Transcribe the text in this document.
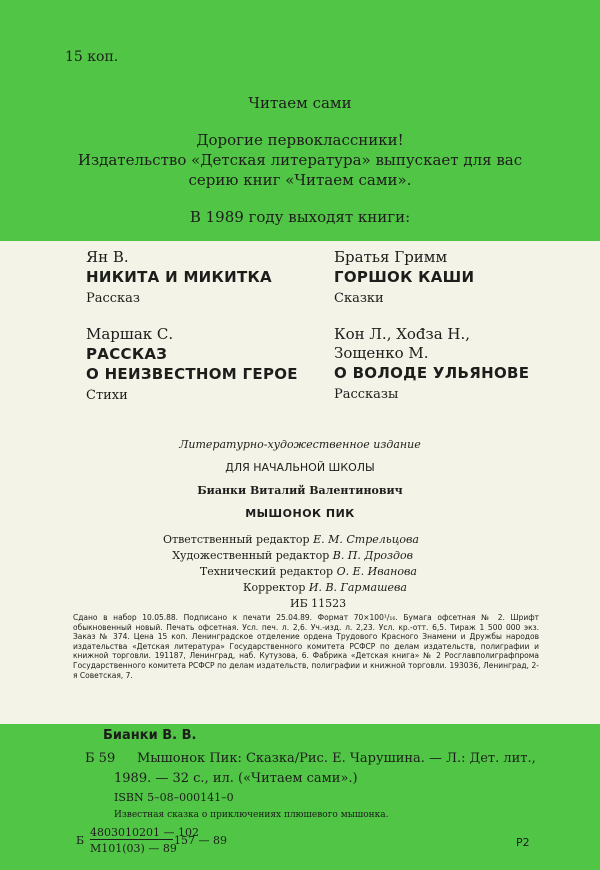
15 коп.
Читаем сами
Дорогие первоклассники!
Издательство «Детская литература» выпускает для вас
серию книг «Читаем сами».
В 1989 году выходят книги:
Ян В.
НИКИТА И МИКИТКА
Рассказ
Братья Гримм
ГОРШОК КАШИ
Сказки
Маршак С.
РАССКАЗ
О НЕИЗВЕСТНОМ ГЕРОЕ
Стихи
Кон Л., Хоđза Н.,
Зощенко М.
О ВОЛОДЕ УЛЬЯНОВЕ
Рассказы
Литературно-художественное издание
ДЛЯ НАЧАЛЬНОЙ ШКОЛЫ
Бианки Виталий Валентинович
МЫШОНОК ПИК
Ответственный редактор Е. М. Стрельцова
Художественный редактор В. П. Дроздов
Технический редактор О. Е. Иванова
Корректор И. В. Гармашева
ИБ 11523
Сдано в набор 10.05.88. Подписано к печати 25.04.89. Формат 70×100¹/₁₆. Бумага офсетная № 2. Шрифт обыкновенный новый. Печать офсетная. Усл. печ. л. 2,6. Уч.-изд. л. 2,23. Усл. кр.-отт. 6,5. Тираж 1 500 000 экз. Заказ № 374. Цена 15 коп. Ленинградское отделение ордена Трудового Красного Знамени и Дружбы народов издательства «Детская литература» Государственного комитета РСФСР по делам издательств, полиграфии и книжной торговли. 191187, Ленинград, наб. Кутузова, 6. Фабрика «Детская книга» № 2 Росглавполиграфпрома Государственного комитета РСФСР по делам издательств, полиграфии и книжной торговли. 193036, Ленинград, 2-я Советская, 7.
Бианки В. В.
Б 59 Мышонок Пик: Сказка/Рис. Е. Чарушина. — Л.: Дет. лит.,
1989. — 32 с., ил. («Читаем сами».)
ISBN 5–08–000141–0
Известная сказка о приключениях плюшевого мышонка.
Б
4803010201 — 102
М101(03) — 89
157 — 89	Р2
